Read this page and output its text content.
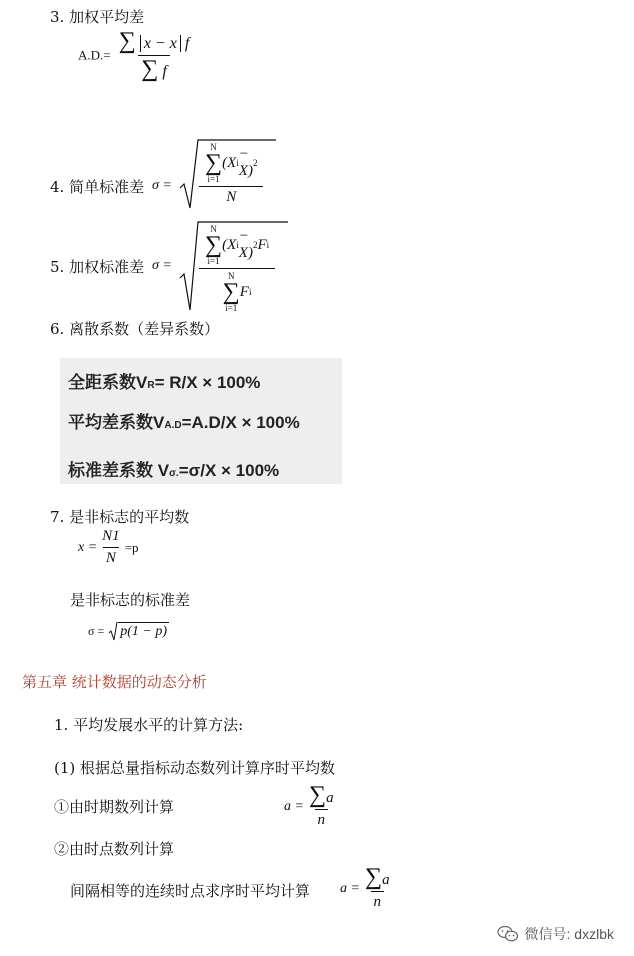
3. 加权平均差
$A.D.= \frac{\text{∑ x − x f}}{\sum f}$
4. 简单标准差 σ =	N
∑
i=1
(X i
− X) 2
N
5. 加权标准差 σ =	N
∑
i=1
(X i
− X) 2 F i
N
∑
i=1
F i
6. 离散系数（差异系数）
全距系数VR= R/X × 100%
平均差系数VA.D=A.D/X × 100%
标准差系数 Vσ.=σ/X × 100%
7. 是非标志的平均数
$x = \frac{N1}{N} =p$
是非标志的标准差
σ = p(1 − p)
第五章 统计数据的动态分析
1. 平均发展水平的计算方法:
(1) 根据总量指标动态数列计算序时平均数
①由时期数列计算	$a = \frac{\sum a}{n}$
②由时点数列计算
间隔相等的连续时点求序时平均计算 $a = \frac{\sum a}{n}$
微信号: dxzlbk
